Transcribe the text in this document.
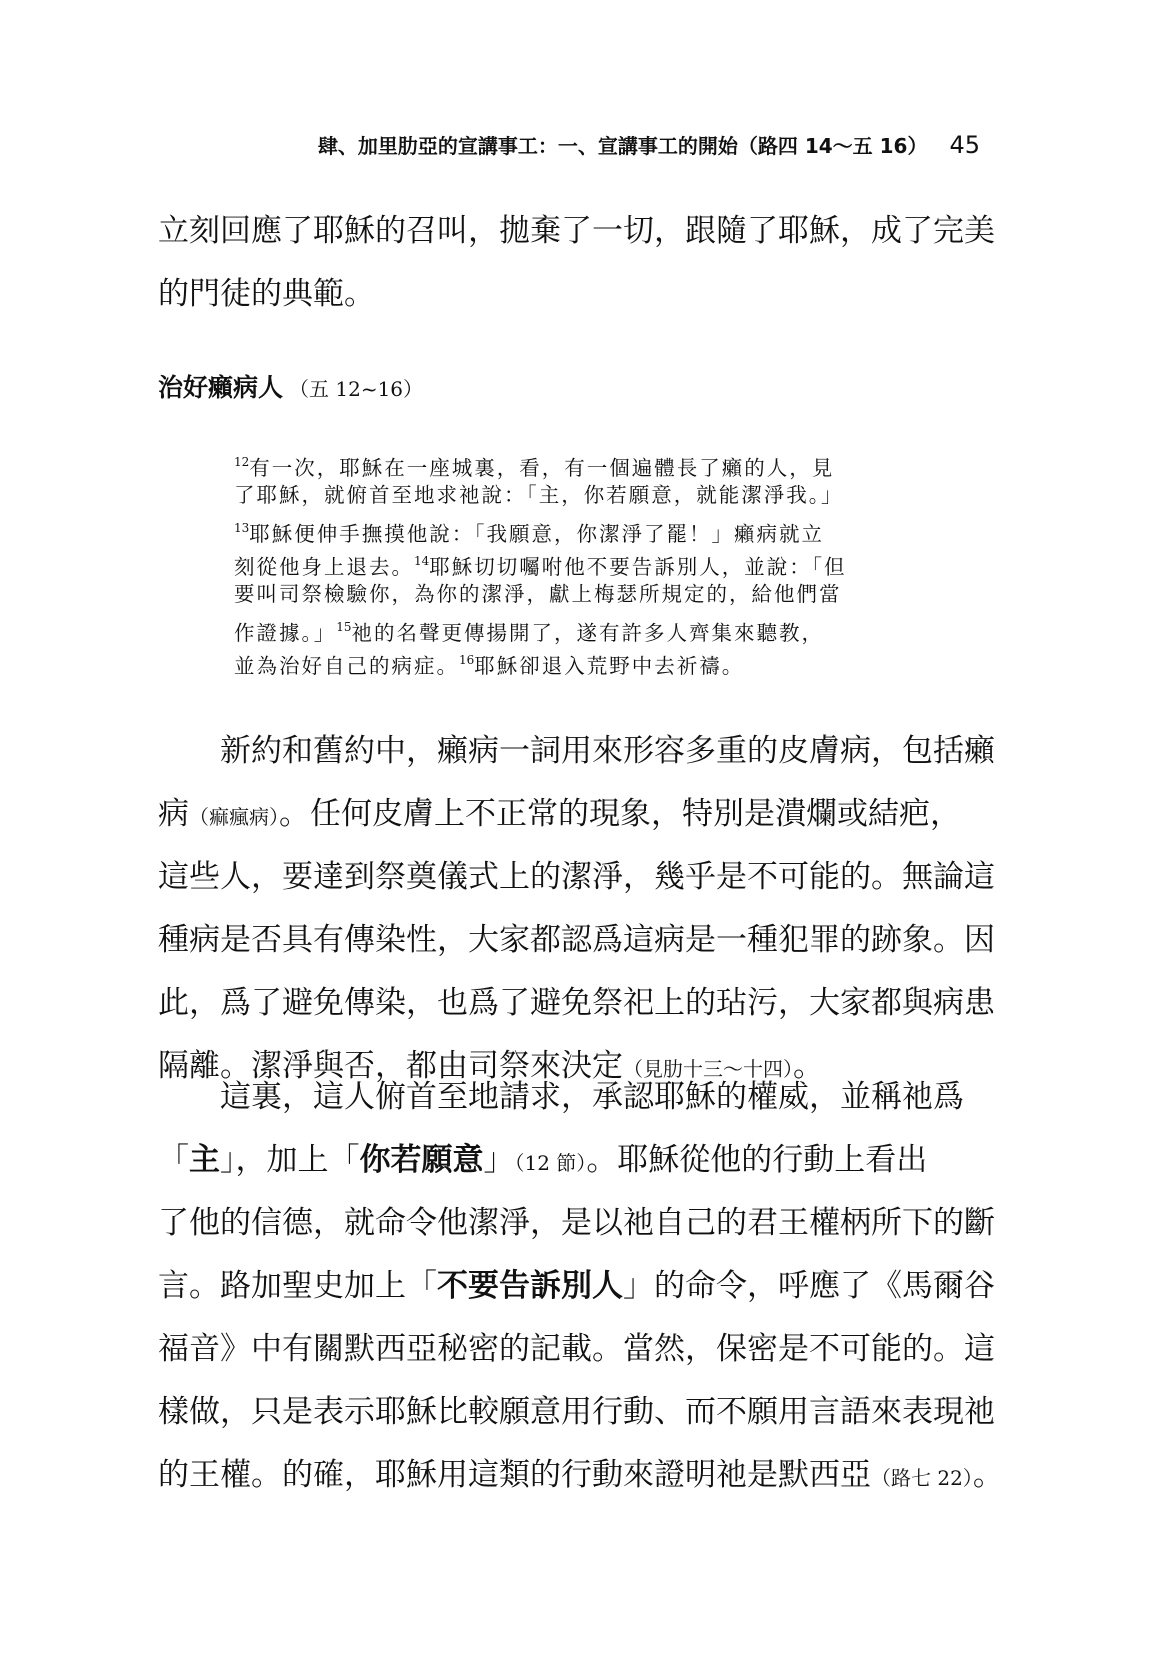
肆、加里肋亞的宣講事工：一、宣講事工的開始（路四 14～五 16） 45
立刻回應了耶穌的召叫，拋棄了一切，跟隨了耶穌，成了完美
的門徒的典範。
治好癩病人 （五 12~16）
$^{12}$有一次，耶穌在一座城裏，看，有一個遍體長了癩的人，見
了耶穌，就俯首至地求祂說：「主，你若願意，就能潔淨我。」
$^{13}$耶穌便伸手撫摸他說：「我願意，你潔淨了罷！」癩病就立
刻從他身上退去。$^{14}$耶穌切切囑咐他不要告訴別人，並說：「但
要叫司祭檢驗你，為你的潔淨，獻上梅瑟所規定的，給他們當
作證據。」$^{15}$祂的名聲更傳揚開了，遂有許多人齊集來聽教，
並為治好自己的病症。$^{16}$耶穌卻退入荒野中去祈禱。
　　新約和舊約中，癩病一詞用來形容多重的皮膚病，包括癩
病（痲瘋病）。任何皮膚上不正常的現象，特別是潰爛或結疤，
這些人，要達到祭奠儀式上的潔淨，幾乎是不可能的。無論這
種病是否具有傳染性，大家都認爲這病是一種犯罪的跡象。因
此，爲了避免傳染，也爲了避免祭祀上的玷污，大家都與病患
隔離。潔淨與否，都由司祭來決定（見肋十三～十四）。
　　這裏，這人俯首至地請求，承認耶穌的權威，並稱祂爲
「主」，加上「你若願意」（12 節）。耶穌從他的行動上看出
了他的信德，就命令他潔淨，是以祂自己的君王權柄所下的斷
言。路加聖史加上「不要告訴別人」的命令，呼應了《馬爾谷
福音》中有關默西亞秘密的記載。當然，保密是不可能的。這
樣做，只是表示耶穌比較願意用行動、而不願用言語來表現祂
的王權。的確，耶穌用這類的行動來證明祂是默西亞（路七 22）。
